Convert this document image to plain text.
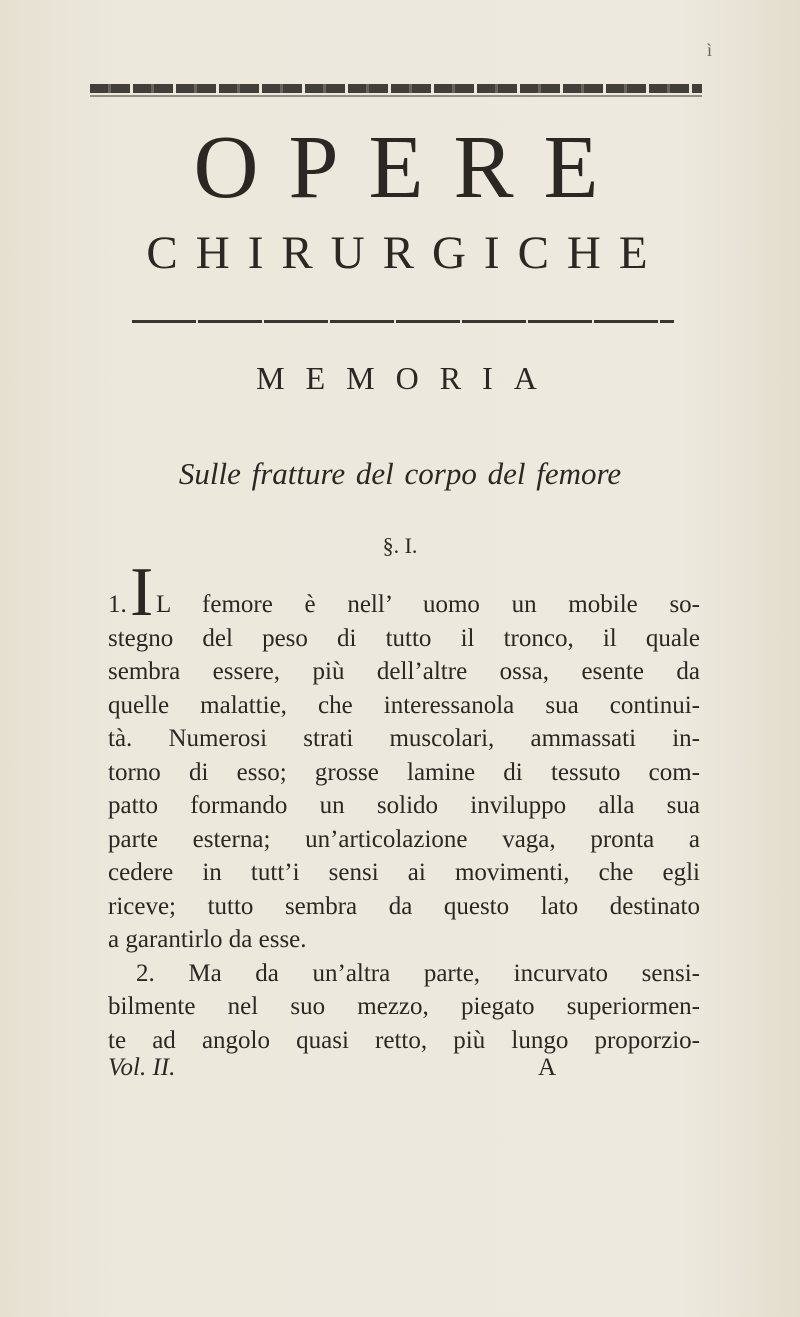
ì
OPERE
CHIRURGICHE
MEMORIA
Sulle fratture del corpo del femore
§. I.
1. I L femore è nell’ uomo un mobile so-
stegno del peso di tutto il tronco, il quale
sembra essere, più dell’altre ossa, esente da
quelle malattie, che interessanola sua continui-
tà. Numerosi strati muscolari, ammassati in-
torno di esso; grosse lamine di tessuto com-
patto formando un solido inviluppo alla sua
parte esterna; un’articolazione vaga, pronta a
cedere in tutt’i sensi ai movimenti, che egli
riceve; tutto sembra da questo lato destinato
a garantirlo da esse.
2. Ma da un’altra parte, incurvato sensi-
bilmente nel suo mezzo, piegato superiormen-
te ad angolo quasi retto, più lungo proporzio-
Vol. II.	A
